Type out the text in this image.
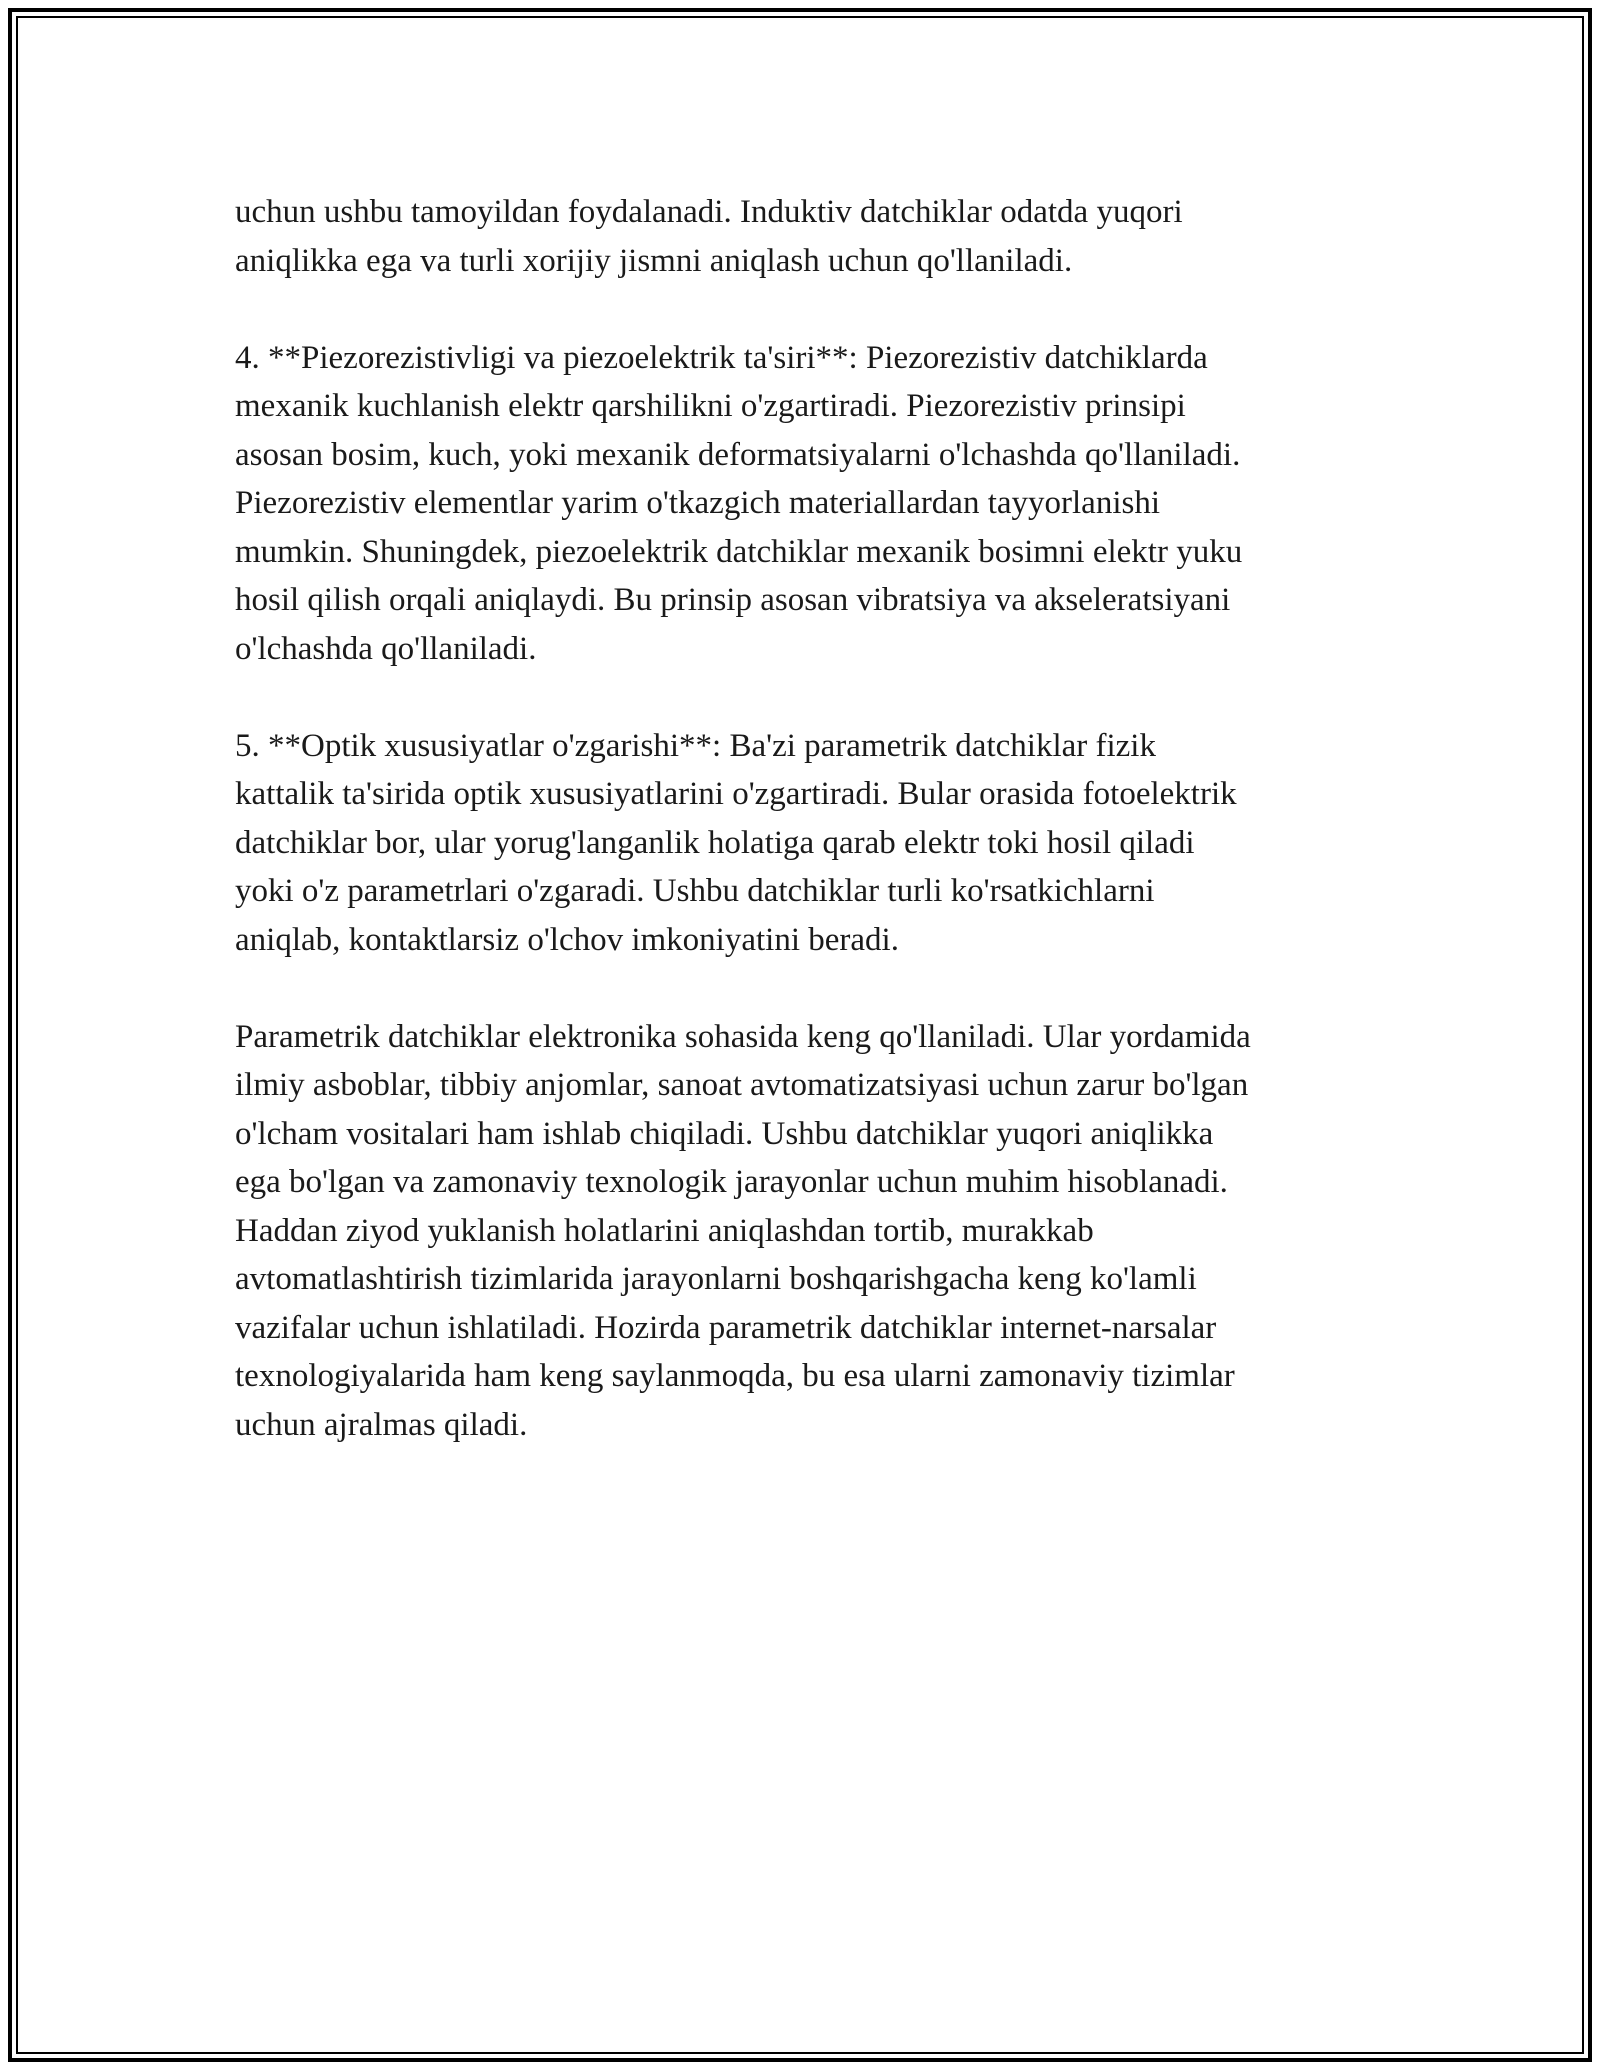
uchun ushbu tamoyildan foydalanadi. Induktiv datchiklar odatda yuqori
aniqlikka ega va turli xorijiy jismni aniqlash uchun qo'llaniladi.

4. **Piezorezistivligi va piezoelektrik ta'siri**: Piezorezistiv datchiklarda
mexanik kuchlanish elektr qarshilikni o'zgartiradi. Piezorezistiv prinsipi
asosan bosim, kuch, yoki mexanik deformatsiyalarni o'lchashda qo'llaniladi.
Piezorezistiv elementlar yarim o'tkazgich materiallardan tayyorlanishi
mumkin. Shuningdek, piezoelektrik datchiklar mexanik bosimni elektr yuku
hosil qilish orqali aniqlaydi. Bu prinsip asosan vibratsiya va akseleratsiyani
o'lchashda qo'llaniladi.

5. **Optik xususiyatlar o'zgarishi**: Ba'zi parametrik datchiklar fizik
kattalik ta'sirida optik xususiyatlarini o'zgartiradi. Bular orasida fotoelektrik
datchiklar bor, ular yorug'langanlik holatiga qarab elektr toki hosil qiladi
yoki o'z parametrlari o'zgaradi. Ushbu datchiklar turli ko'rsatkichlarni
aniqlab, kontaktlarsiz o'lchov imkoniyatini beradi.

Parametrik datchiklar elektronika sohasida keng qo'llaniladi. Ular yordamida
ilmiy asboblar, tibbiy anjomlar, sanoat avtomatizatsiyasi uchun zarur bo'lgan
o'lcham vositalari ham ishlab chiqiladi. Ushbu datchiklar yuqori aniqlikka
ega bo'lgan va zamonaviy texnologik jarayonlar uchun muhim hisoblanadi.
Haddan ziyod yuklanish holatlarini aniqlashdan tortib, murakkab
avtomatlashtirish tizimlarida jarayonlarni boshqarishgacha keng ko'lamli
vazifalar uchun ishlatiladi. Hozirda parametrik datchiklar internet-narsalar
texnologiyalarida ham keng saylanmoqda, bu esa ularni zamonaviy tizimlar
uchun ajralmas qiladi.
